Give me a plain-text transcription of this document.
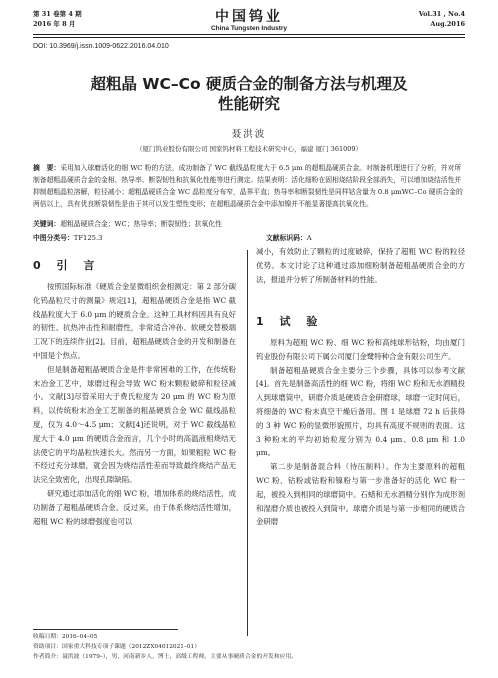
第 31 卷第 4 期
2016 年 8 月	中国钨业
China Tungsten Industry
Vol.31 , No.4
Aug.2016
DOI: 10.3969/j.issn.1009-0622.2016.04.010
超粗晶 WC–Co 硬质合金的制备方法与机理及
性能研究
聂洪波
（厦门钨业股份有限公司 国家钨材料工程技术研究中心，福建 厦门 361009）
摘　要：采用加入球磨活化的细 WC 粉的方法，成功制备了 WC 截线晶粒度大于 6.5 μm 的超粗晶硬质合金。对制备机理进行了分析，并对所制备超粗晶硬质合金的金相、热导率、断裂韧性和抗氧化性能等进行测定。结果表明：活化细粉在固相烧结阶段全部消失，可以增加烧结活性并抑制超粗晶粒溶解，粒径减小；超粗晶硬质合金 WC 晶粒度分布窄，晶界平直；热导率和断裂韧性是同样钴含量为 0.8 μmWC–Co 硬质合金的两倍以上，具有优良断裂韧性是由于其可以发生塑性变形；在超粗晶硬质合金中添加镍并不能显著提高抗氧化性。
关键词：超粗晶硬质合金；WC；热导率；断裂韧性；抗氧化性
中图分类号：TF125.3	文献标识码：A
0 引 言

按照国际标准《硬质合金显微组织金相测定：第 2 部分碳化钨晶粒尺寸的测量》规定[1]，超粗晶硬质合金是指 WC 截线晶粒度大于 6.0 μm 的硬质合金。这种工具材料因具有良好的韧性、抗热冲击性和耐磨性，非常适合冲孙、软硬交替极端工况下的连续作业[2]。目前，超粗晶硬质合金的开发和制备在中国是个热点。

但是制备超粗晶硬质合金是件非常困难的工作，在传统粉末冶金工艺中，球磨过程会导致 WC 粉末颗粒破碎和粒径减小。文献[3]尽管采用大于费氏粒度为 20 μm 的 WC 粉为原料，以传统粉末冶金工艺制备的粗晶硬质合金 WC 截线晶粒度，仅为 4.0～4.5 μm；文献[4]还说明，对于 WC 截线晶粒度大于 4.0 μm 的硬质合金而言，几个小时的高温液相烧结无法使它的平均晶粒快速长大。然而另一方面，如果粗粒 WC 粉不经过充分球磨，就会因为烧结活性差而导致最终烧结产品无法完全致密化，出现孔隙缺陷。

研究通过添加活化的细 WC 粉，增加体系的烧结活性，成功制备了超粗晶硬质合金。反过来，由于体系烧结活性增加，超粗 WC 粉的球磨强度也可以

减小，有效防止了颗粒的过度破碎，保持了超粗 WC 粉的粒径优势。本文讨论了这种通过添加细粉制备超粗晶硬质合金的方法，报道并分析了所制备材料的性能。

1 试 验

原料为超粗 WC 粉、细 WC 粉和高纯球形钴粉，均由厦门钨业股份有限公司下属公司厦门金鹭特种合金有限公司生产。

制备超粗晶硬质合金主要分三个步骤，具体可以参考文献[4]。首先是制备高活性的细 WC 粉，将细 WC 粉和无水酒精投入到球磨筒中，研磨介质是硬质合金研磨球，球磨一定时间后，将细备的 WC 粉末真空干燥后备用。图 1 是球磨 72 h 后获得的 3 种 WC 粉的显微形貌照片，均具有高度不规则的表面。这 3 种粉末的平均初始粒度分别为 0.4 μm、0.8 μm 和 1.0 μm。

第二步是制备混合料（待压制料）。作为主要原料的超粗 WC 粉、钴粉或钴粉和镍粉与第一步准备好的活化 WC 粉一起，被投入到相同的球磨筒中。石蜡和无水酒精分别作为成形剂和湿磨介质也被投入到筒中。球磨介质是与第一步相同的硬质合金研磨

收稿日期：2016–04–05
资助项目：国家重大科技专项子课题（2012ZX04012021–01）
作者简介：聂洪波（1979–），男，河南新乡人，博士，高级工程师，主要从事硬质合金的开发和应用。
